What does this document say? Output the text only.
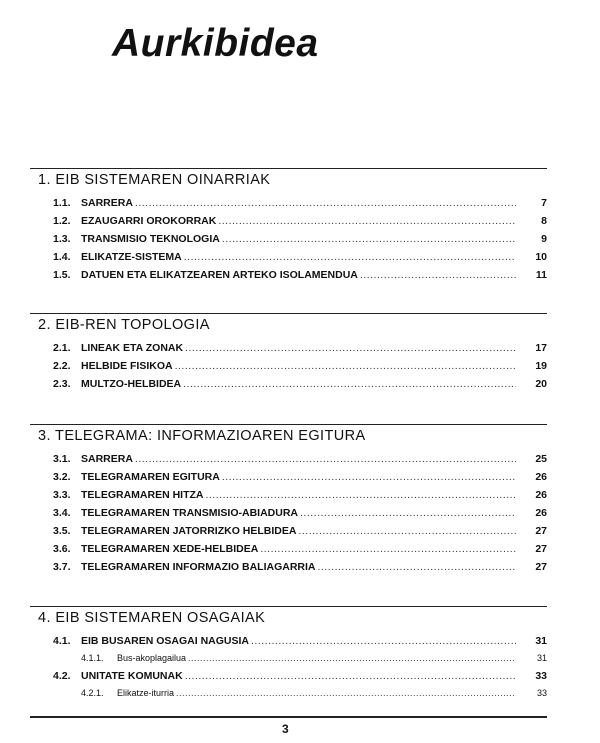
Aurkibidea
1. EIB SISTEMAREN OINARRIAK
1.1. SARRERA .....	7
1.2. EZAUGARRI OROKORRAK .....	8
1.3. TRANSMISIO TEKNOLOGIA .....	9
1.4. ELIKATZE-SISTEMA .....	10
1.5. DATUEN ETA ELIKATZEAREN ARTEKO ISOLAMENDUA .....	11
2. EIB-REN TOPOLOGIA
2.1. LINEAK ETA ZONAK .....	17
2.2. HELBIDE FISIKOA .....	19
2.3. MULTZO-HELBIDEA .....	20
3. TELEGRAMA: INFORMAZIOAREN EGITURA
3.1. SARRERA .....	25
3.2. TELEGRAMAREN EGITURA .....	26
3.3. TELEGRAMAREN HITZA .....	26
3.4. TELEGRAMAREN TRANSMISIO-ABIADURA .....	26
3.5. TELEGRAMAREN JATORRIZKO HELBIDEA .....	27
3.6. TELEGRAMAREN XEDE-HELBIDEA .....	27
3.7. TELEGRAMAREN INFORMAZIO BALIAGARRIA .....	27
4. EIB SISTEMAREN OSAGAIAK
4.1. EIB BUSAREN OSAGAI NAGUSIA .....	31
4.1.1.	Bus-akoplagailua .....	31
4.2. UNITATE KOMUNAK .....	33
4.2.1.	Elikatze-iturria .....	33
3
